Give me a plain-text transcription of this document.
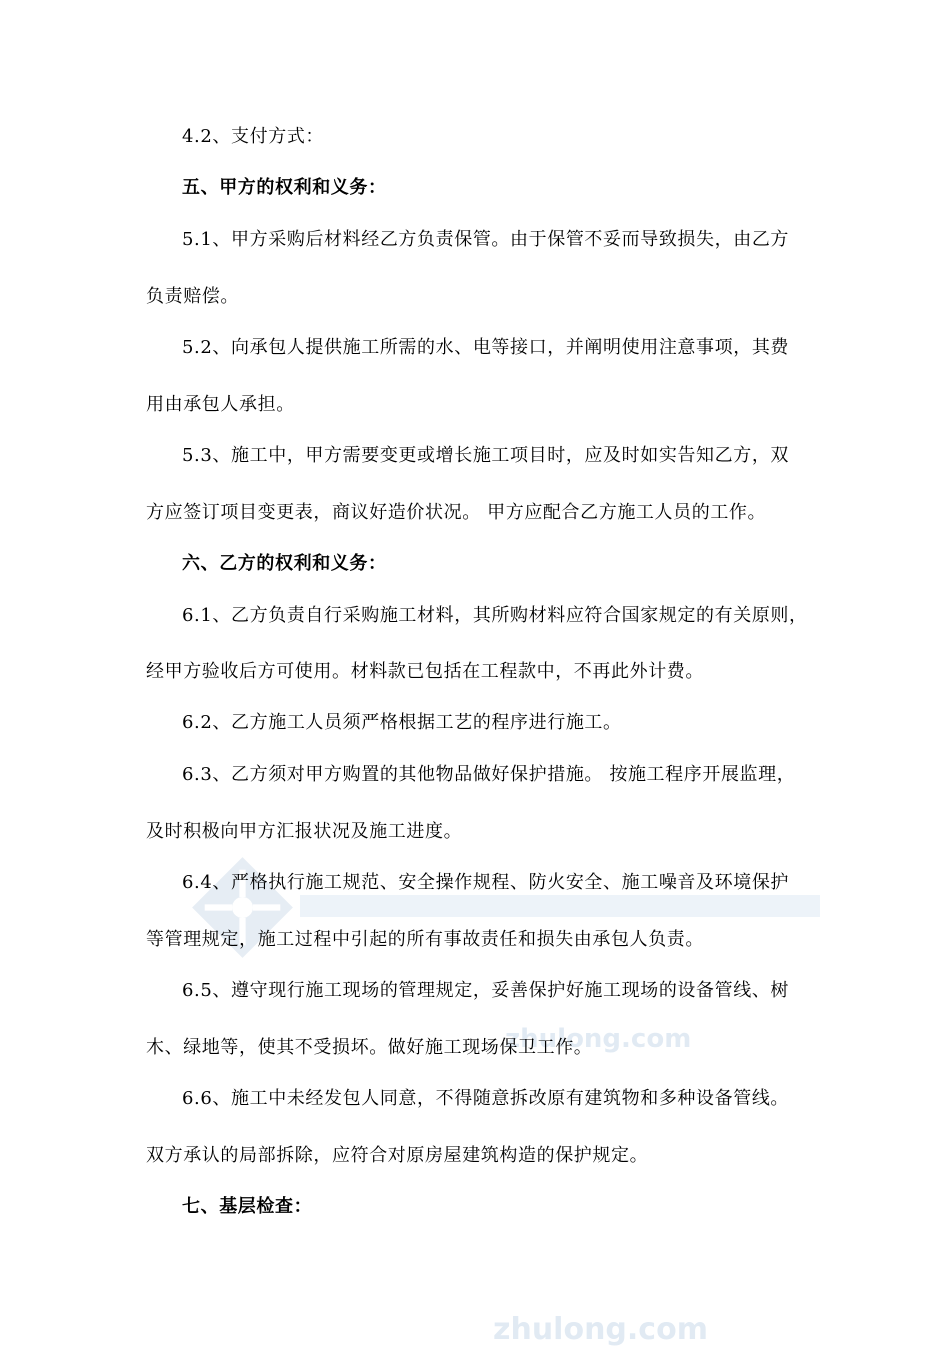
zhulong.com
zhulong.com
4.2、支付方式：
五、甲方的权利和义务：
5.1、甲方采购后材料经乙方负责保管。由于保管不妥而导致损失，由乙方
负责赔偿。
5.2、向承包人提供施工所需的水、电等接口，并阐明使用注意事项，其费
用由承包人承担。
5.3、施工中，甲方需要变更或增长施工项目时，应及时如实告知乙方，双
方应签订项目变更表，商议好造价状况。 甲方应配合乙方施工人员的工作。
六、乙方的权利和义务：
6.1、乙方负责自行采购施工材料，其所购材料应符合国家规定的有关原则，
经甲方验收后方可使用。材料款已包括在工程款中，不再此外计费。
6.2、乙方施工人员须严格根据工艺的程序进行施工。
6.3、乙方须对甲方购置的其他物品做好保护措施。 按施工程序开展监理，
及时积极向甲方汇报状况及施工进度。
6.4、严格执行施工规范、安全操作规程、防火安全、施工噪音及环境保护
等管理规定，施工过程中引起的所有事故责任和损失由承包人负责。
6.5、遵守现行施工现场的管理规定，妥善保护好施工现场的设备管线、树
木、绿地等，使其不受损坏。做好施工现场保卫工作。
6.6、施工中未经发包人同意，不得随意拆改原有建筑物和多种设备管线。
双方承认的局部拆除，应符合对原房屋建筑构造的保护规定。
七、基层检查：
